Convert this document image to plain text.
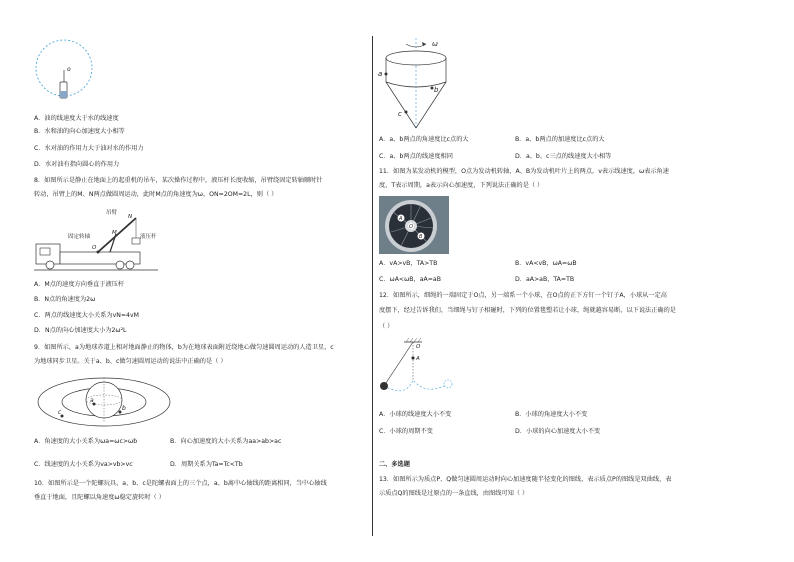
o
A．油的线速度大于水的线速度
B．水和油的向心加速度大小相等
C．水对油的作用力大于油对水的作用力
D．水对油有指向圆心的作用力
8．如图所示是静止在地面上的起重机的吊车，某次操作过程中，液压杆长度收缩，吊臂绕固定转轴顺时针
转动，吊臂上的M、N两点做圆周运动，此时M点的角速度为ω，ON=2OM=2L，则（ ）
吊臂
固定转轴	液压杆
O
M
N
A．M点的速度方向垂直于液压杆
B．N点的角速度为2ω
C．两点的线速度大小关系为vN=4vM
D．N点的向心加速度大小为2ω²L
9．如图所示，a为地球赤道上相对地面静止的物体，b为在地球表面附近绕地心做匀速圆周运动的人造卫星，c
为地球同步卫星。关于a、b、c做匀速圆周运动的说法中正确的是（ ）
a
b
c
A．角速度的大小关系为ωa=ωc>ωb	B．向心加速度的大小关系为aa>ab>ac
C．线速度的大小关系为va>vb>vc	D．周期关系为Ta=Tc<Tb
10．如图所示是一个陀螺玩具，a、b、c是陀螺表面上的三个点，a、b离中心轴线的距离相同，当中心轴线
垂直于地面，且陀螺以角速度ω稳定旋转时（ ）
ω
a
b
c
A．a、b两点的角速度比c点的大	B．a、b两点的加速度比c点的大
C．a、b两点的线速度相同	D．a、b、c三点的线速度大小相等
11．如图为某发动机的模型，O点为发动机转轴，A、B为发动机叶片上的两点，v表示线速度，ω表示角速
度，T表示周期，a表示向心加速度，下列说法正确的是（ ）
A
O
B
A．vA>vB，TA>TB	B．vA<vB，ωA=ωB
C．ωA<ωB，aA=aB	D．aA>aB，TA=TB
12．如图所示，细绳的一端固定于O点，另一端系一个小球，在O点的正下方钉一个钉子A，小球从一定高
度摆下，经过告诉我们，当细绳与钉子相碰时，下列的位置毯塑若让小球，绳就越容易断，以下说法正确的是
（ ）
O
A
A．小球的线速度大小不变	B．小球的角速度大小不变
C．小球的周期不变	D．小球的向心加速度大小不变
二、多选题
13．如图所示为质点P、Q做匀速圆周运动时向心加速度随半径变化的图线，表示质点P的图线是双曲线，表
示质点Q的图线是过原点的一条直线，由图线可知（ ）
